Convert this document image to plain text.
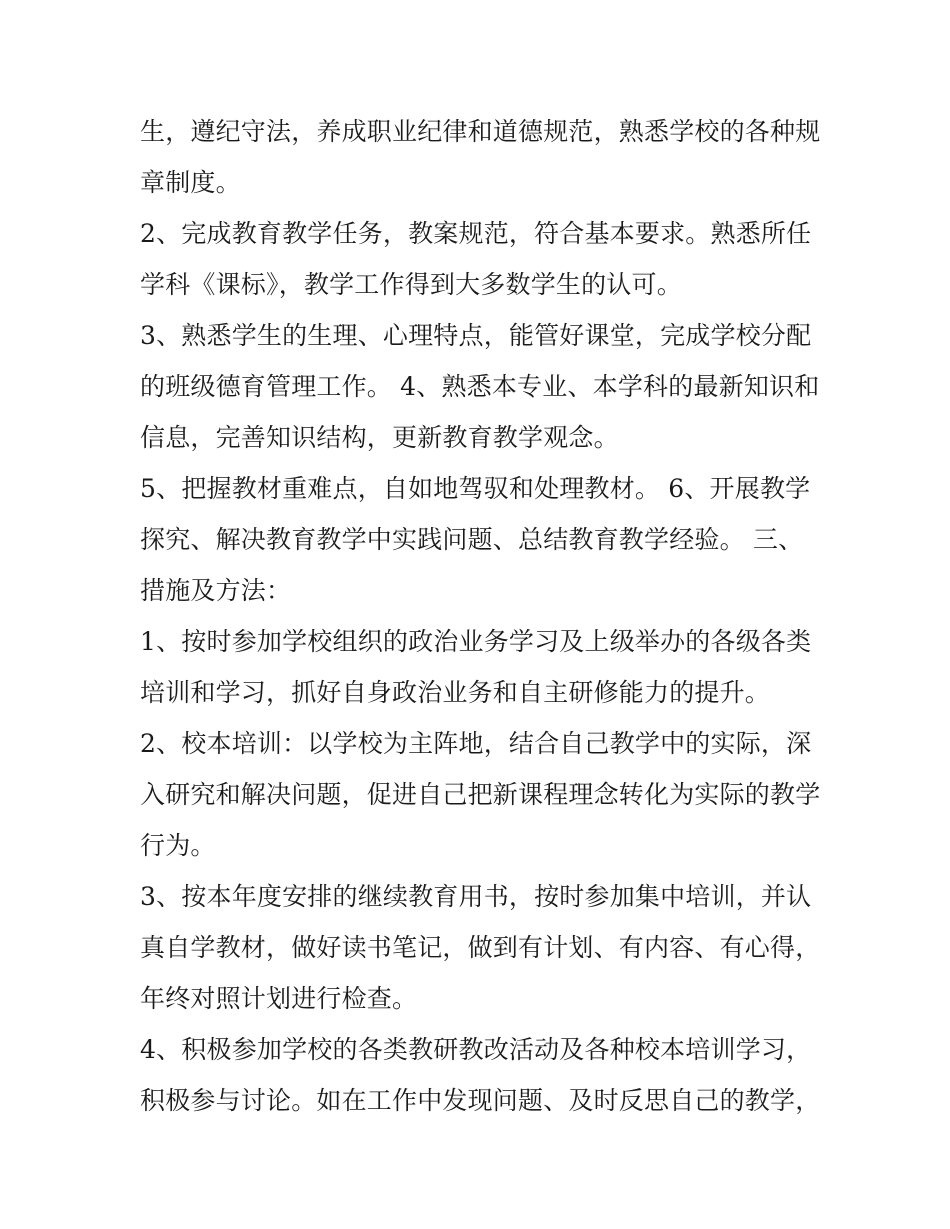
生，遵纪守法，养成职业纪律和道德规范，熟悉学校的各种规
章制度。
2、完成教育教学任务，教案规范，符合基本要求。熟悉所任
学科《课标》，教学工作得到大多数学生的认可。
3、熟悉学生的生理、心理特点，能管好课堂，完成学校分配
的班级德育管理工作。 4、熟悉本专业、本学科的最新知识和
信息，完善知识结构，更新教育教学观念。
5、把握教材重难点，自如地驾驭和处理教材。 6、开展教学
探究、解决教育教学中实践问题、总结教育教学经验。 三、
措施及方法：
1、按时参加学校组织的政治业务学习及上级举办的各级各类
培训和学习，抓好自身政治业务和自主研修能力的提升。
2、校本培训：以学校为主阵地，结合自己教学中的实际，深
入研究和解决问题，促进自己把新课程理念转化为实际的教学
行为。
3、按本年度安排的继续教育用书，按时参加集中培训，并认
真自学教材，做好读书笔记，做到有计划、有内容、有心得，
年终对照计划进行检查。
4、积极参加学校的各类教研教改活动及各种校本培训学习，
积极参与讨论。如在工作中发现问题、及时反思自己的教学，
